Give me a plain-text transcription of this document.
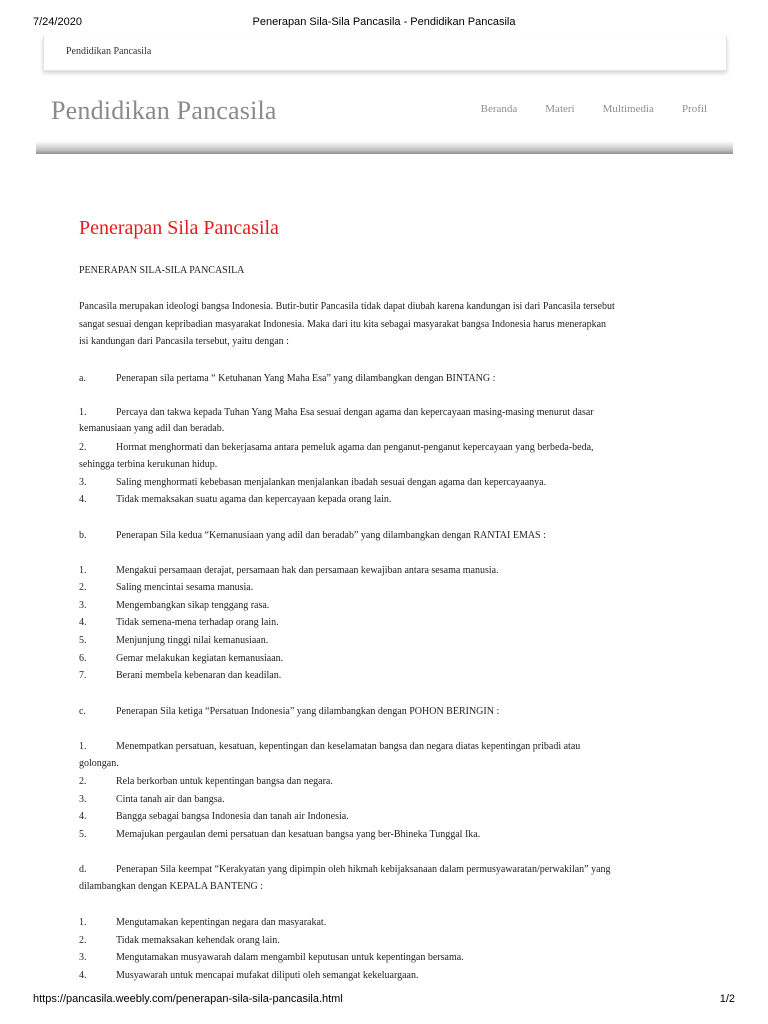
7/24/2020	Penerapan Sila-Sila Pancasila - Pendidikan Pancasila
Pendidikan Pancasila
Pendidikan Pancasila	Beranda	Materi	Multimedia	Profil
Penerapan Sila Pancasila
PENERAPAN SILA-SILA PANCASILA
Pancasila merupakan ideologi bangsa Indonesia. Butir-butir Pancasila tidak dapat diubah karena kandungan isi dari Pancasila tersebut
sangat sesuai dengan kepribadian masyarakat Indonesia. Maka dari itu kita sebagai masyarakat bangsa Indonesia harus menerapkan
isi kandungan dari Pancasila tersebut, yaitu dengan :
a.	Penerapan sila pertama “ Ketuhanan Yang Maha Esa” yang dilambangkan dengan BINTANG :
1.	Percaya dan takwa kepada Tuhan Yang Maha Esa sesuai dengan agama dan kepercayaan masing-masing menurut dasar
kemanusiaan yang adil dan beradab.
2.	Hormat menghormati dan bekerjasama antara pemeluk agama dan penganut-penganut kepercayaan yang berbeda-beda,
sehingga terbina kerukunan hidup.
3.	Saling menghormati kebebasan menjalankan menjalankan ibadah sesuai dengan agama dan kepercayaanya.
4.	Tidak memaksakan suatu agama dan kepercayaan kepada orang lain.
b.	Penerapan Sila kedua “Kemanusiaan yang adil dan beradab” yang dilambangkan dengan RANTAI EMAS :
1.	Mengakui persamaan derajat, persamaan hak dan persamaan kewajiban antara sesama manusia.
2.	Saling mencintai sesama manusia.
3.	Mengembangkan sikap tenggang rasa.
4.	Tidak semena-mena terhadap orang lain.
5.	Menjunjung tinggi nilai kemanusiaan.
6.	Gemar melakukan kegiatan kemanusiaan.
7.	Berani membela kebenaran dan keadilan.
c.	Penerapan Sila ketiga “Persatuan Indonesia” yang dilambangkan dengan POHON BERINGIN :
1.	Menempatkan persatuan, kesatuan, kepentingan dan keselamatan bangsa dan negara diatas kepentingan pribadi atau
golongan.
2.	Rela berkorban untuk kepentingan bangsa dan negara.
3.	Cinta tanah air dan bangsa.
4.	Bangga sebagai bangsa Indonesia dan tanah air Indonesia.
5.	Memajukan pergaulan demi persatuan dan kesatuan bangsa yang ber-Bhineka Tunggal Ika.
d.	Penerapan Sila keempat “Kerakyatan yang dipimpin oleh hikmah kebijaksanaan dalam permusyawaratan/perwakilan” yang
dilambangkan dengan KEPALA BANTENG :
1.	Mengutamakan kepentingan negara dan masyarakat.
2.	Tidak memaksakan kehendak orang lain.
3.	Mengutamakan musyawarah dalam mengambil keputusan untuk kepentingan bersama.
4.	Musyawarah untuk mencapai mufakat diliputi oleh semangat kekeluargaan.
https://pancasila.weebly.com/penerapan-sila-sila-pancasila.html	1/2
